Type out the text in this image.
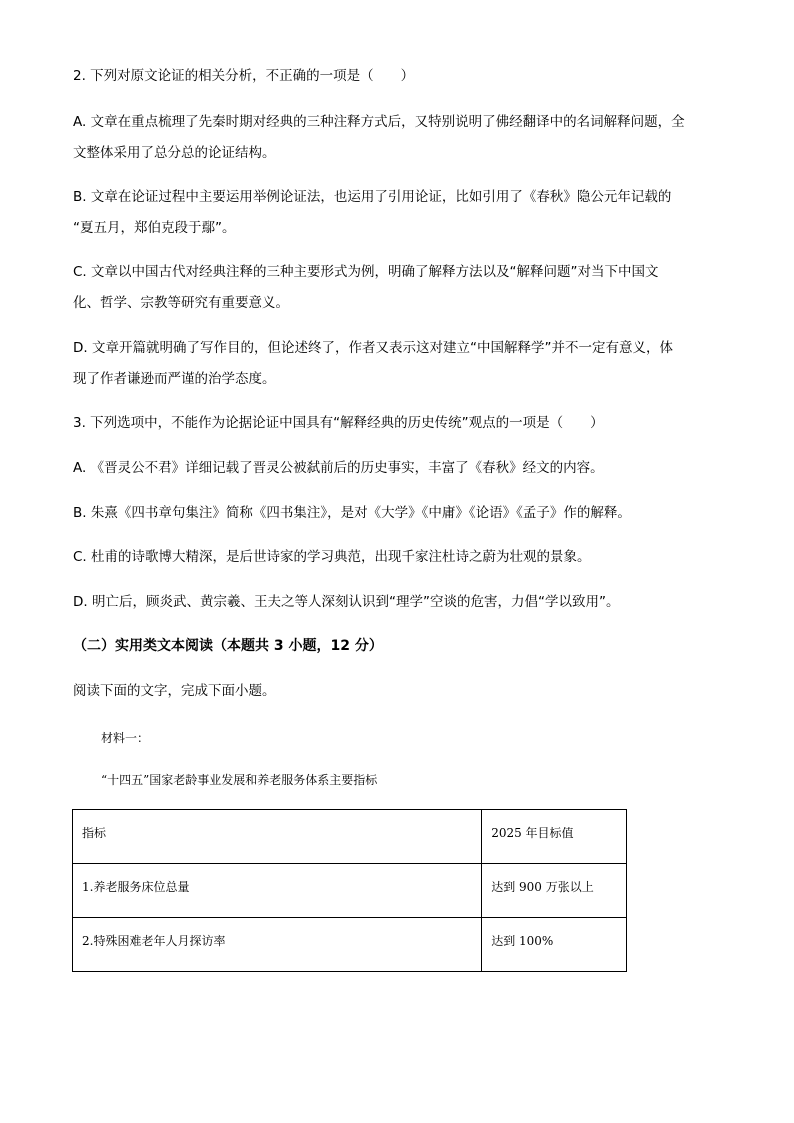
2. 下列对原文论证的相关分析，不正确的一项是（　　）
A. 文章在重点梳理了先秦时期对经典的三种注释方式后，又特别说明了佛经翻译中的名词解释问题，全
文整体采用了总分总的论证结构。
B. 文章在论证过程中主要运用举例论证法，也运用了引用论证，比如引用了《春秋》隐公元年记载的
“夏五月，郑伯克段于鄢”。
C. 文章以中国古代对经典注释的三种主要形式为例，明确了解释方法以及“解释问题”对当下中国文
化、哲学、宗教等研究有重要意义。
D. 文章开篇就明确了写作目的，但论述终了，作者又表示这对建立“中国解释学”并不一定有意义，体
现了作者谦逊而严谨的治学态度。
3. 下列选项中，不能作为论据论证中国具有“解释经典的历史传统”观点的一项是（　　）
A. 《晋灵公不君》详细记载了晋灵公被弑前后的历史事实，丰富了《春秋》经文的内容。
B. 朱熹《四书章句集注》简称《四书集注》，是对《大学》《中庸》《论语》《孟子》作的解释。
C. 杜甫的诗歌博大精深，是后世诗家的学习典范，出现千家注杜诗之蔚为壮观的景象。
D. 明亡后，顾炎武、黄宗羲、王夫之等人深刻认识到“理学”空谈的危害，力倡“学以致用”。
（二）实用类文本阅读（本题共 3 小题，12 分）
阅读下面的文字，完成下面小题。
材料一：
“十四五”国家老龄事业发展和养老服务体系主要指标
指标	2025 年目标值
1.养老服务床位总量	达到 900 万张以上
2.特殊困难老年人月探访率	达到 100%
